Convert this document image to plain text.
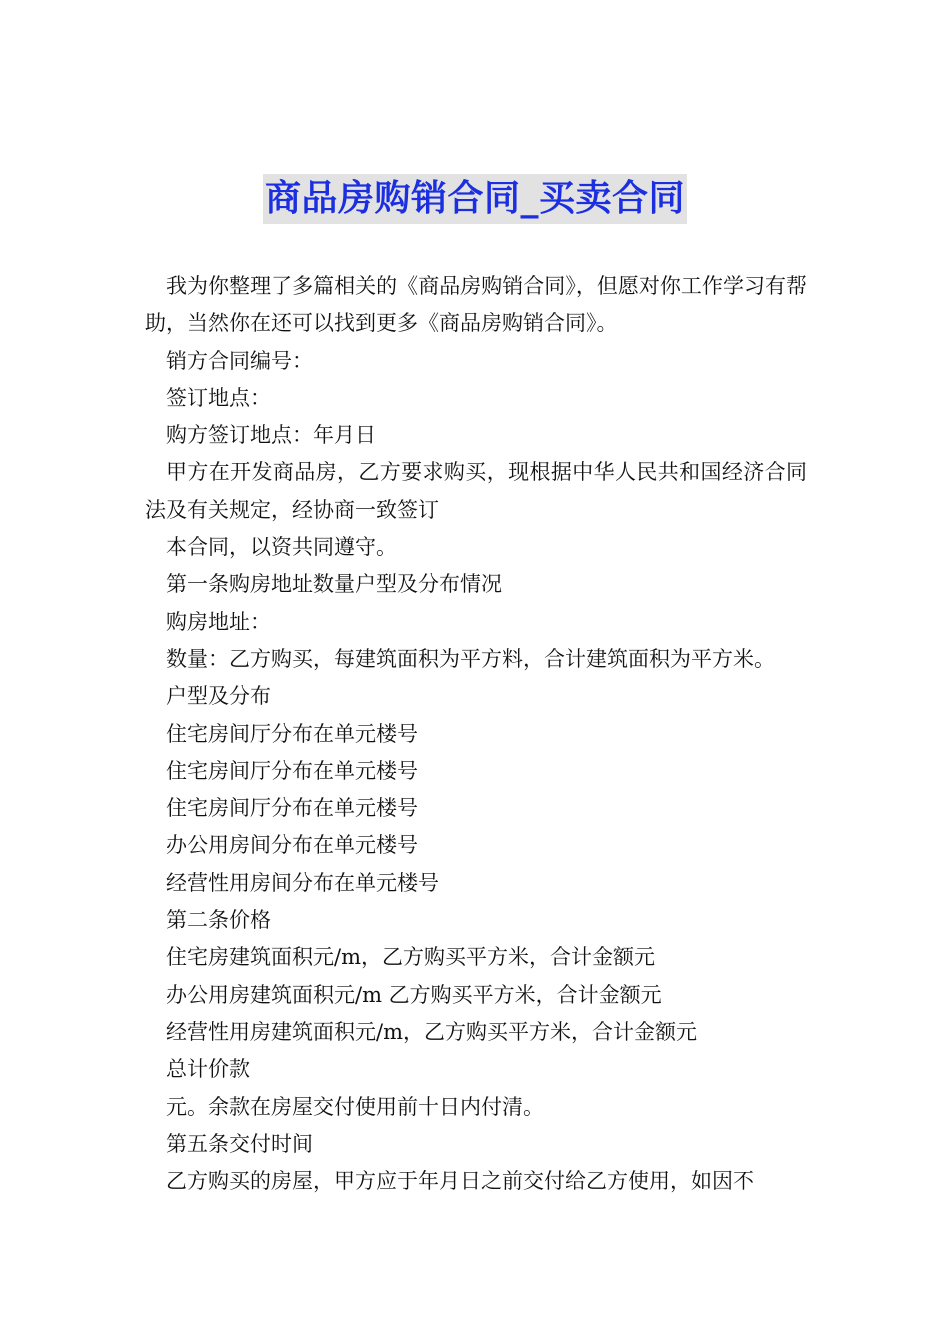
商品房购销合同_买卖合同

我为你整理了多篇相关的《商品房购销合同》，但愿对你工作学习有帮助，当然你在还可以找到更多《商品房购销合同》。

销方合同编号：

签订地点：

购方签订地点：年月日

甲方在开发商品房，乙方要求购买，现根据中华人民共和国经济合同法及有关规定，经协商一致签订

本合同，以资共同遵守。

第一条购房地址数量户型及分布情况

购房地址：

数量：乙方购买，每建筑面积为平方料，合计建筑面积为平方米。

户型及分布

住宅房间厅分布在单元楼号

住宅房间厅分布在单元楼号

住宅房间厅分布在单元楼号

办公用房间分布在单元楼号

经营性用房间分布在单元楼号

第二条价格

住宅房建筑面积元/m，乙方购买平方米，合计金额元

办公用房建筑面积元/m 乙方购买平方米，合计金额元

经营性用房建筑面积元/m，乙方购买平方米，合计金额元

总计价款

元。余款在房屋交付使用前十日内付清。

第五条交付时间

乙方购买的房屋，甲方应于年月日之前交付给乙方使用，如因不
